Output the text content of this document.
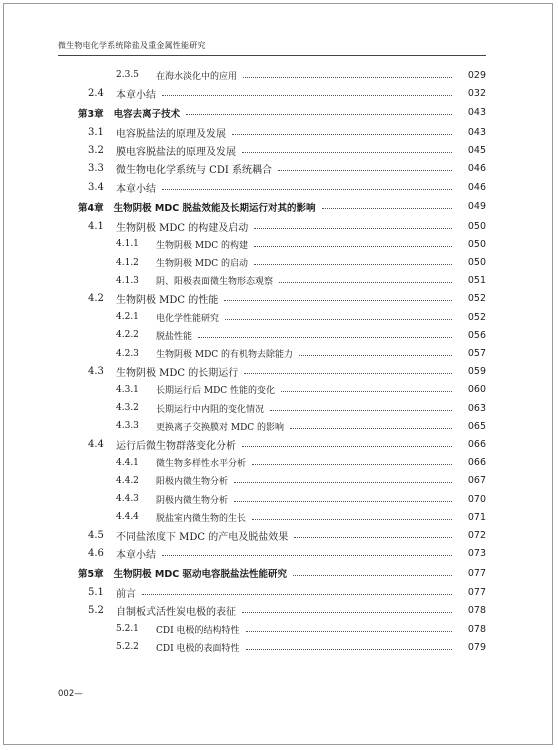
微生物电化学系统除盐及重金属性能研究
2.3.5	在海水淡化中的应用	029
2.4	本章小结	032
第3章 电容去离子技术	043
3.1	电容脱盐法的原理及发展	043
3.2	膜电容脱盐法的原理及发展	045
3.3	微生物电化学系统与 CDI 系统耦合	046
3.4	本章小结	046
第4章 生物阴极 MDC 脱盐效能及长期运行对其的影响	049
4.1	生物阴极 MDC 的构建及启动	050
4.1.1	生物阴极 MDC 的构建	050
4.1.2	生物阴极 MDC 的启动	050
4.1.3	阴、阳极表面微生物形态观察	051
4.2	生物阴极 MDC 的性能	052
4.2.1	电化学性能研究	052
4.2.2	脱盐性能	056
4.2.3	生物阴极 MDC 的有机物去除能力	057
4.3	生物阴极 MDC 的长期运行	059
4.3.1	长期运行后 MDC 性能的变化	060
4.3.2	长期运行中内阻的变化情况	063
4.3.3	更换离子交换膜对 MDC 的影响	065
4.4	运行后微生物群落变化分析	066
4.4.1	微生物多样性水平分析	066
4.4.2	阳极内微生物分析	067
4.4.3	阴极内微生物分析	070
4.4.4	脱盐室内微生物的生长	071
4.5	不同盐浓度下 MDC 的产电及脱盐效果	072
4.6	本章小结	073
第5章 生物阴极 MDC 驱动电容脱盐法性能研究	077
5.1	前言	077
5.2	自制板式活性炭电极的表征	078
5.2.1	CDI 电极的结构特性	078
5.2.2	CDI 电极的表面特性	079
002—
